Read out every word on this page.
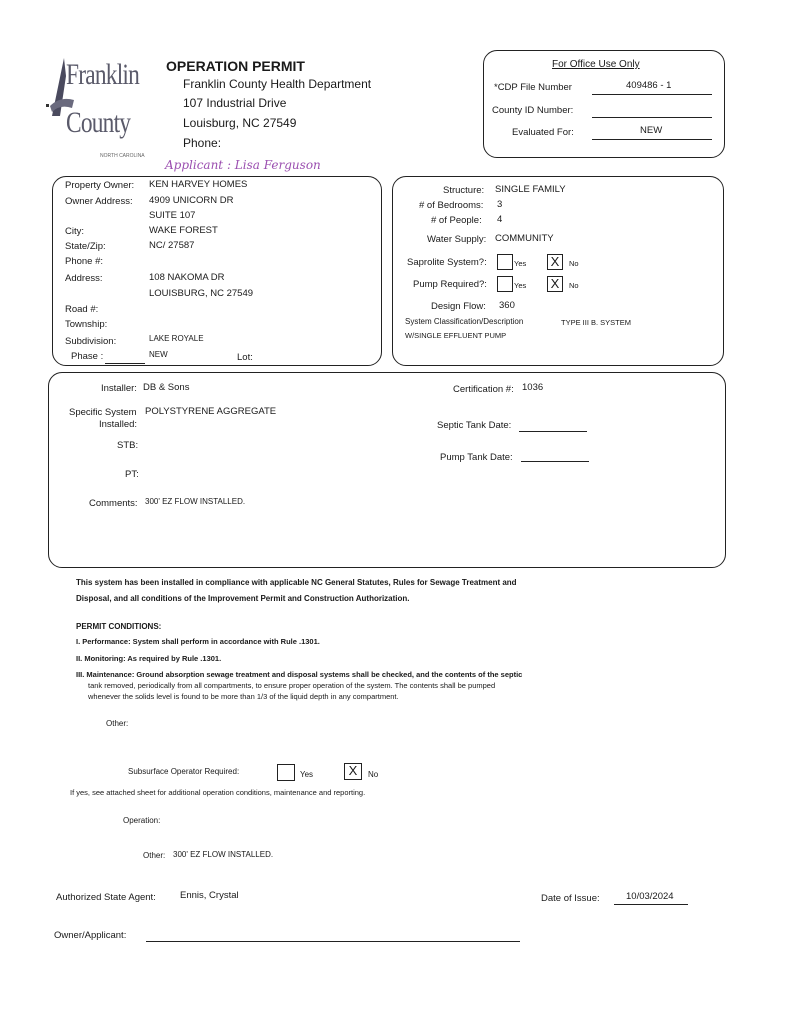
Franklin
County
NORTH CAROLINA
OPERATION PERMIT
Franklin County Health Department
107 Industrial Drive
Louisburg, NC 27549
Phone:
Applicant : Lisa Ferguson
For Office Use Only
*CDP File Number	409486 - 1
County ID Number:
Evaluated For:	NEW
Property Owner: KEN HARVEY HOMES
Owner Address: 4909 UNICORN DR
SUITE 107
City:	WAKE FOREST
State/Zip:	NC/ 27587
Phone #:
Address:	108 NAKOMA DR
LOUISBURG, NC 27549
Road #:
Township:
Subdivision:	LAKE ROYALE
Phase :	NEW	Lot:
Structure: SINGLE FAMILY
# of Bedrooms: 3
# of People: 4
Water Supply: COMMUNITY
Saprolite System?:	Yes X	No
Pump Required?:	Yes X	No
Design Flow: 360
System Classification/Description	TYPE III B. SYSTEM
W/SINGLE EFFLUENT PUMP
Installer: DB & Sons	Certification #: 1036
Specific System
Installed:
POLYSTYRENE AGGREGATE
Septic Tank Date:
STB:
Pump Tank Date:
PT:
Comments: 300' EZ FLOW INSTALLED.
This system has been installed in compliance with applicable NC General Statutes, Rules for Sewage Treatment and
Disposal, and all conditions of the Improvement Permit and Construction Authorization.
PERMIT CONDITIONS:
I. Performance: System shall perform in accordance with Rule .1301.
II. Monitoring: As required by Rule .1301.
III. Maintenance: Ground absorption sewage treatment and disposal systems shall be checked, and the contents of the septic
tank removed, periodically from all compartments, to ensure proper operation of the system. The contents shall be pumped
whenever the solids level is found to be more than 1/3 of the liquid depth in any compartment.
Other:
Subsurface Operator Required:	Yes	X	No
If yes, see attached sheet for additional operation conditions, maintenance and reporting.
Operation:
Other: 300' EZ FLOW INSTALLED.
Authorized State Agent:	Ennis, Crystal	Date of Issue:	10/03/2024
Owner/Applicant:
